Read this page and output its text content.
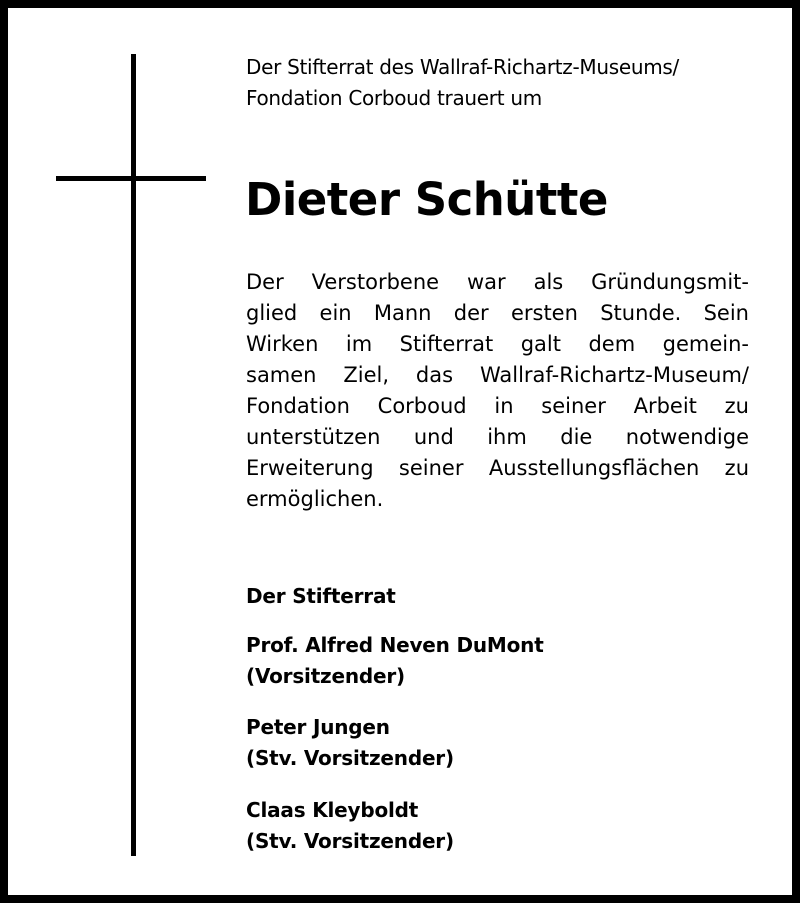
Der Stifterrat des Wallraf-Richartz-Museums/
Fondation Corboud trauert um

Dieter Schütte

Der Verstorbene war als Gründungsmit-
glied ein Mann der ersten Stunde. Sein
Wirken im Stifterrat galt dem gemein-
samen Ziel, das Wallraf-Richartz-Museum/
Fondation Corboud in seiner Arbeit zu
unterstützen und ihm die notwendige
Erweiterung seiner Ausstellungsflächen zu
ermöglichen.

Der Stifterrat

Prof. Alfred Neven DuMont
(Vorsitzender)

Peter Jungen
(Stv. Vorsitzender)

Claas Kleyboldt
(Stv. Vorsitzender)
